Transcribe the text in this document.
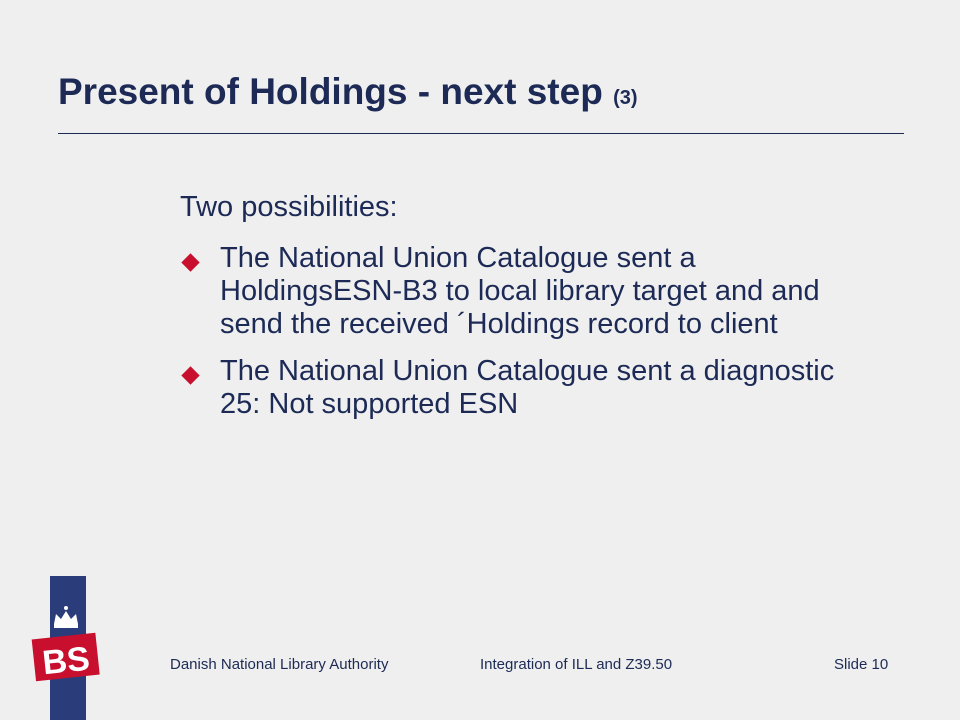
Present of Holdings - next step (3)
Two possibilities:
The National Union Catalogue sent a HoldingsESN-B3 to local library target and and send the received ´Holdings record to client
The National Union Catalogue sent a diagnostic 25: Not supported ESN
BS	Danish National Library Authority	Integration of ILL and Z39.50	Slide 10
